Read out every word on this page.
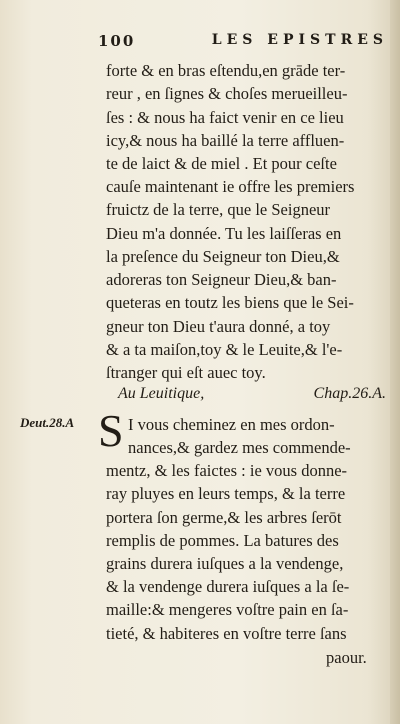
100	LES EPISTRES
forte & en bras eſtendu,en grāde ter-
reur , en ſignes & choſes merueilleu-
ſes : & nous ha faict venir en ce lieu
icy,& nous ha baillé la terre affluen-
te de laict & de miel . Et pour ceſte
cauſe maintenant ie offre les premiers
fruictz de la terre, que le Seigneur
Dieu m'a donnée. Tu les laiſſeras en
la preſence du Seigneur ton Dieu,&
adoreras ton Seigneur Dieu,& ban-
queteras en toutz les biens que le Sei-
gneur ton Dieu t'aura donné, a toy
& a ta maiſon,toy & le Leuite,& l'e-
ſtranger qui eſt auec toy.
Au Leuitique,	Chap.26.A.
Deut.28.A S I vous cheminez en mes ordon-
nances,& gardez mes commende-
mentz, & les faictes : ie vous donne-
ray pluyes en leurs temps, & la terre
portera ſon germe,& les arbres ſerōt
remplis de pommes. La batures des
grains durera iuſques a la vendenge,
& la vendenge durera iuſques a la ſe-
maille:& mengeres voſtre pain en ſa-
tieté, & habiteres en voſtre terre ſans
paour.
